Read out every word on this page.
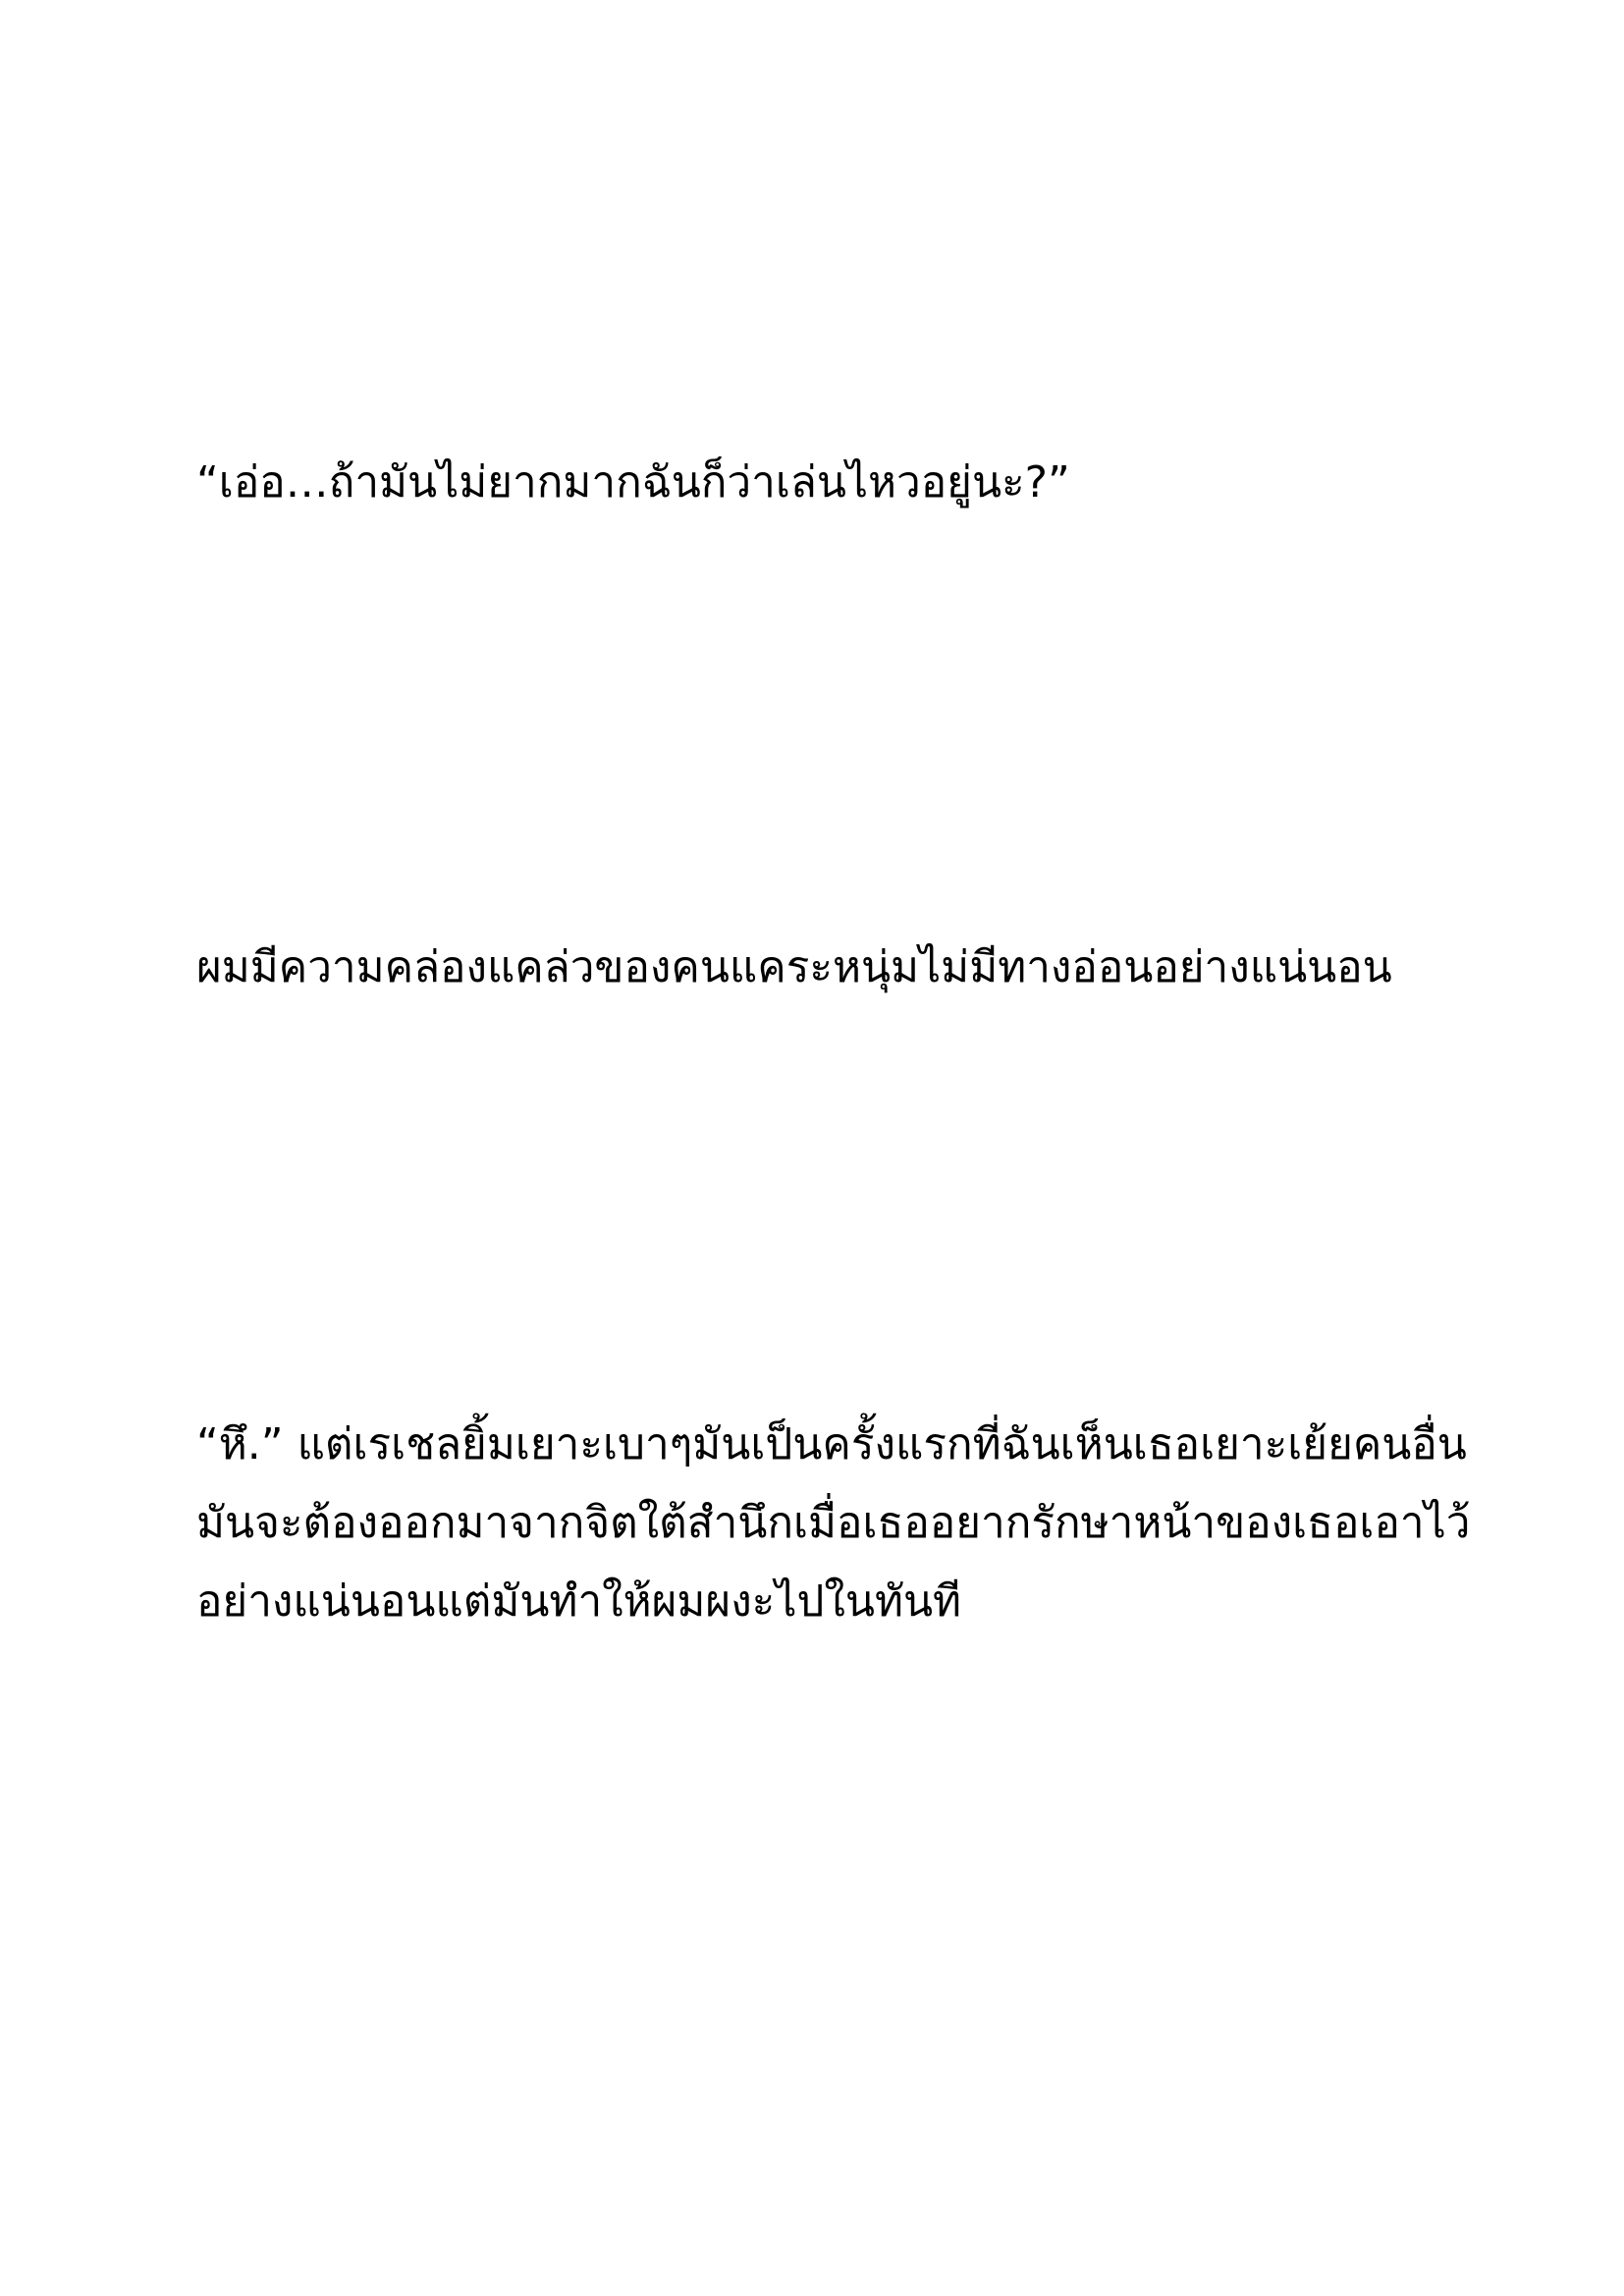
“เอ่อ…ถ้ามันไม่ยากมากฉันก็ว่าเล่นไหวอยู่นะ?”
ผมมีความคล่องแคล่วของคนแคระหนุ่มไม่มีทางอ่อนอย่างแน่นอน
“หึ.” แต่เรเชลยิ้มเยาะเบาๆมันเป็นครั้งแรกที่ฉันเห็นเธอเยาะเย้ยคนอื่น
มันจะต้องออกมาจากจิตใต้สำนึกเมื่อเธออยากรักษาหน้าของเธอเอาไว้
อย่างแน่นอนแต่มันทำให้ผมผงะไปในทันที
